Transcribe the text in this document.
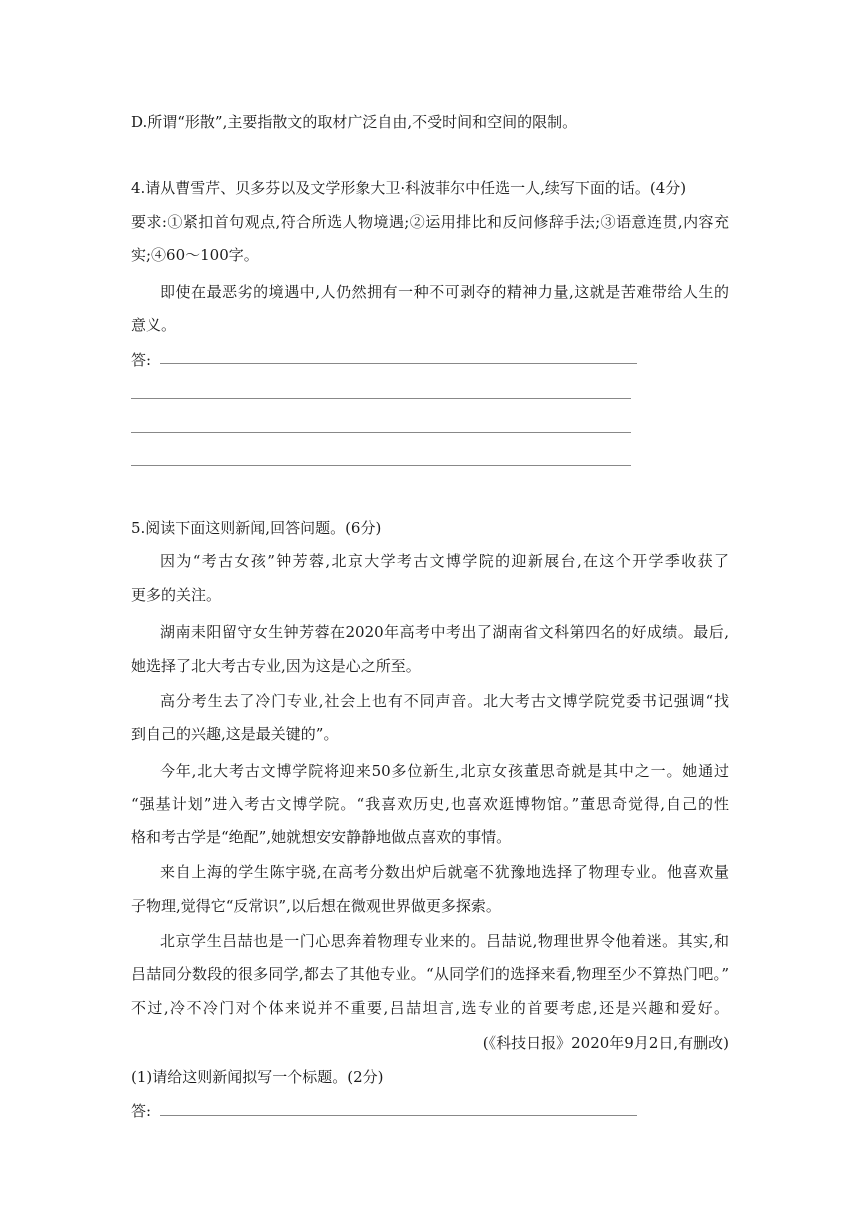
D.所谓“形散”,主要指散文的取材广泛自由,不受时间和空间的限制。
4.请从曹雪芹、贝多芬以及文学形象大卫·科波菲尔中任选一人,续写下面的话。(4分)
要求:①紧扣首句观点,符合所选人物境遇;②运用排比和反问修辞手法;③语意连贯,内容充
实;④60～100字。
即使在最恶劣的境遇中,人仍然拥有一种不可剥夺的精神力量,这就是苦难带给人生的
意义。
答:
5.阅读下面这则新闻,回答问题。(6分)
因为“考古女孩”钟芳蓉,北京大学考古文博学院的迎新展台,在这个开学季收获了
更多的关注。
湖南耒阳留守女生钟芳蓉在2020年高考中考出了湖南省文科第四名的好成绩。最后,
她选择了北大考古专业,因为这是心之所至。
高分考生去了冷门专业,社会上也有不同声音。北大考古文博学院党委书记强调“找
到自己的兴趣,这是最关键的”。
今年,北大考古文博学院将迎来50多位新生,北京女孩董思奇就是其中之一。她通过
“强基计划”进入考古文博学院。“我喜欢历史,也喜欢逛博物馆。”董思奇觉得,自己的性
格和考古学是“绝配”,她就想安安静静地做点喜欢的事情。
来自上海的学生陈宇骁,在高考分数出炉后就毫不犹豫地选择了物理专业。他喜欢量
子物理,觉得它“反常识”,以后想在微观世界做更多探索。
北京学生吕喆也是一门心思奔着物理专业来的。吕喆说,物理世界令他着迷。其实,和
吕喆同分数段的很多同学,都去了其他专业。“从同学们的选择来看,物理至少不算热门吧。”
不过,冷不冷门对个体来说并不重要,吕喆坦言,选专业的首要考虑,还是兴趣和爱好。
(《科技日报》2020年9月2日,有删改)
(1)请给这则新闻拟写一个标题。(2分)
答:
